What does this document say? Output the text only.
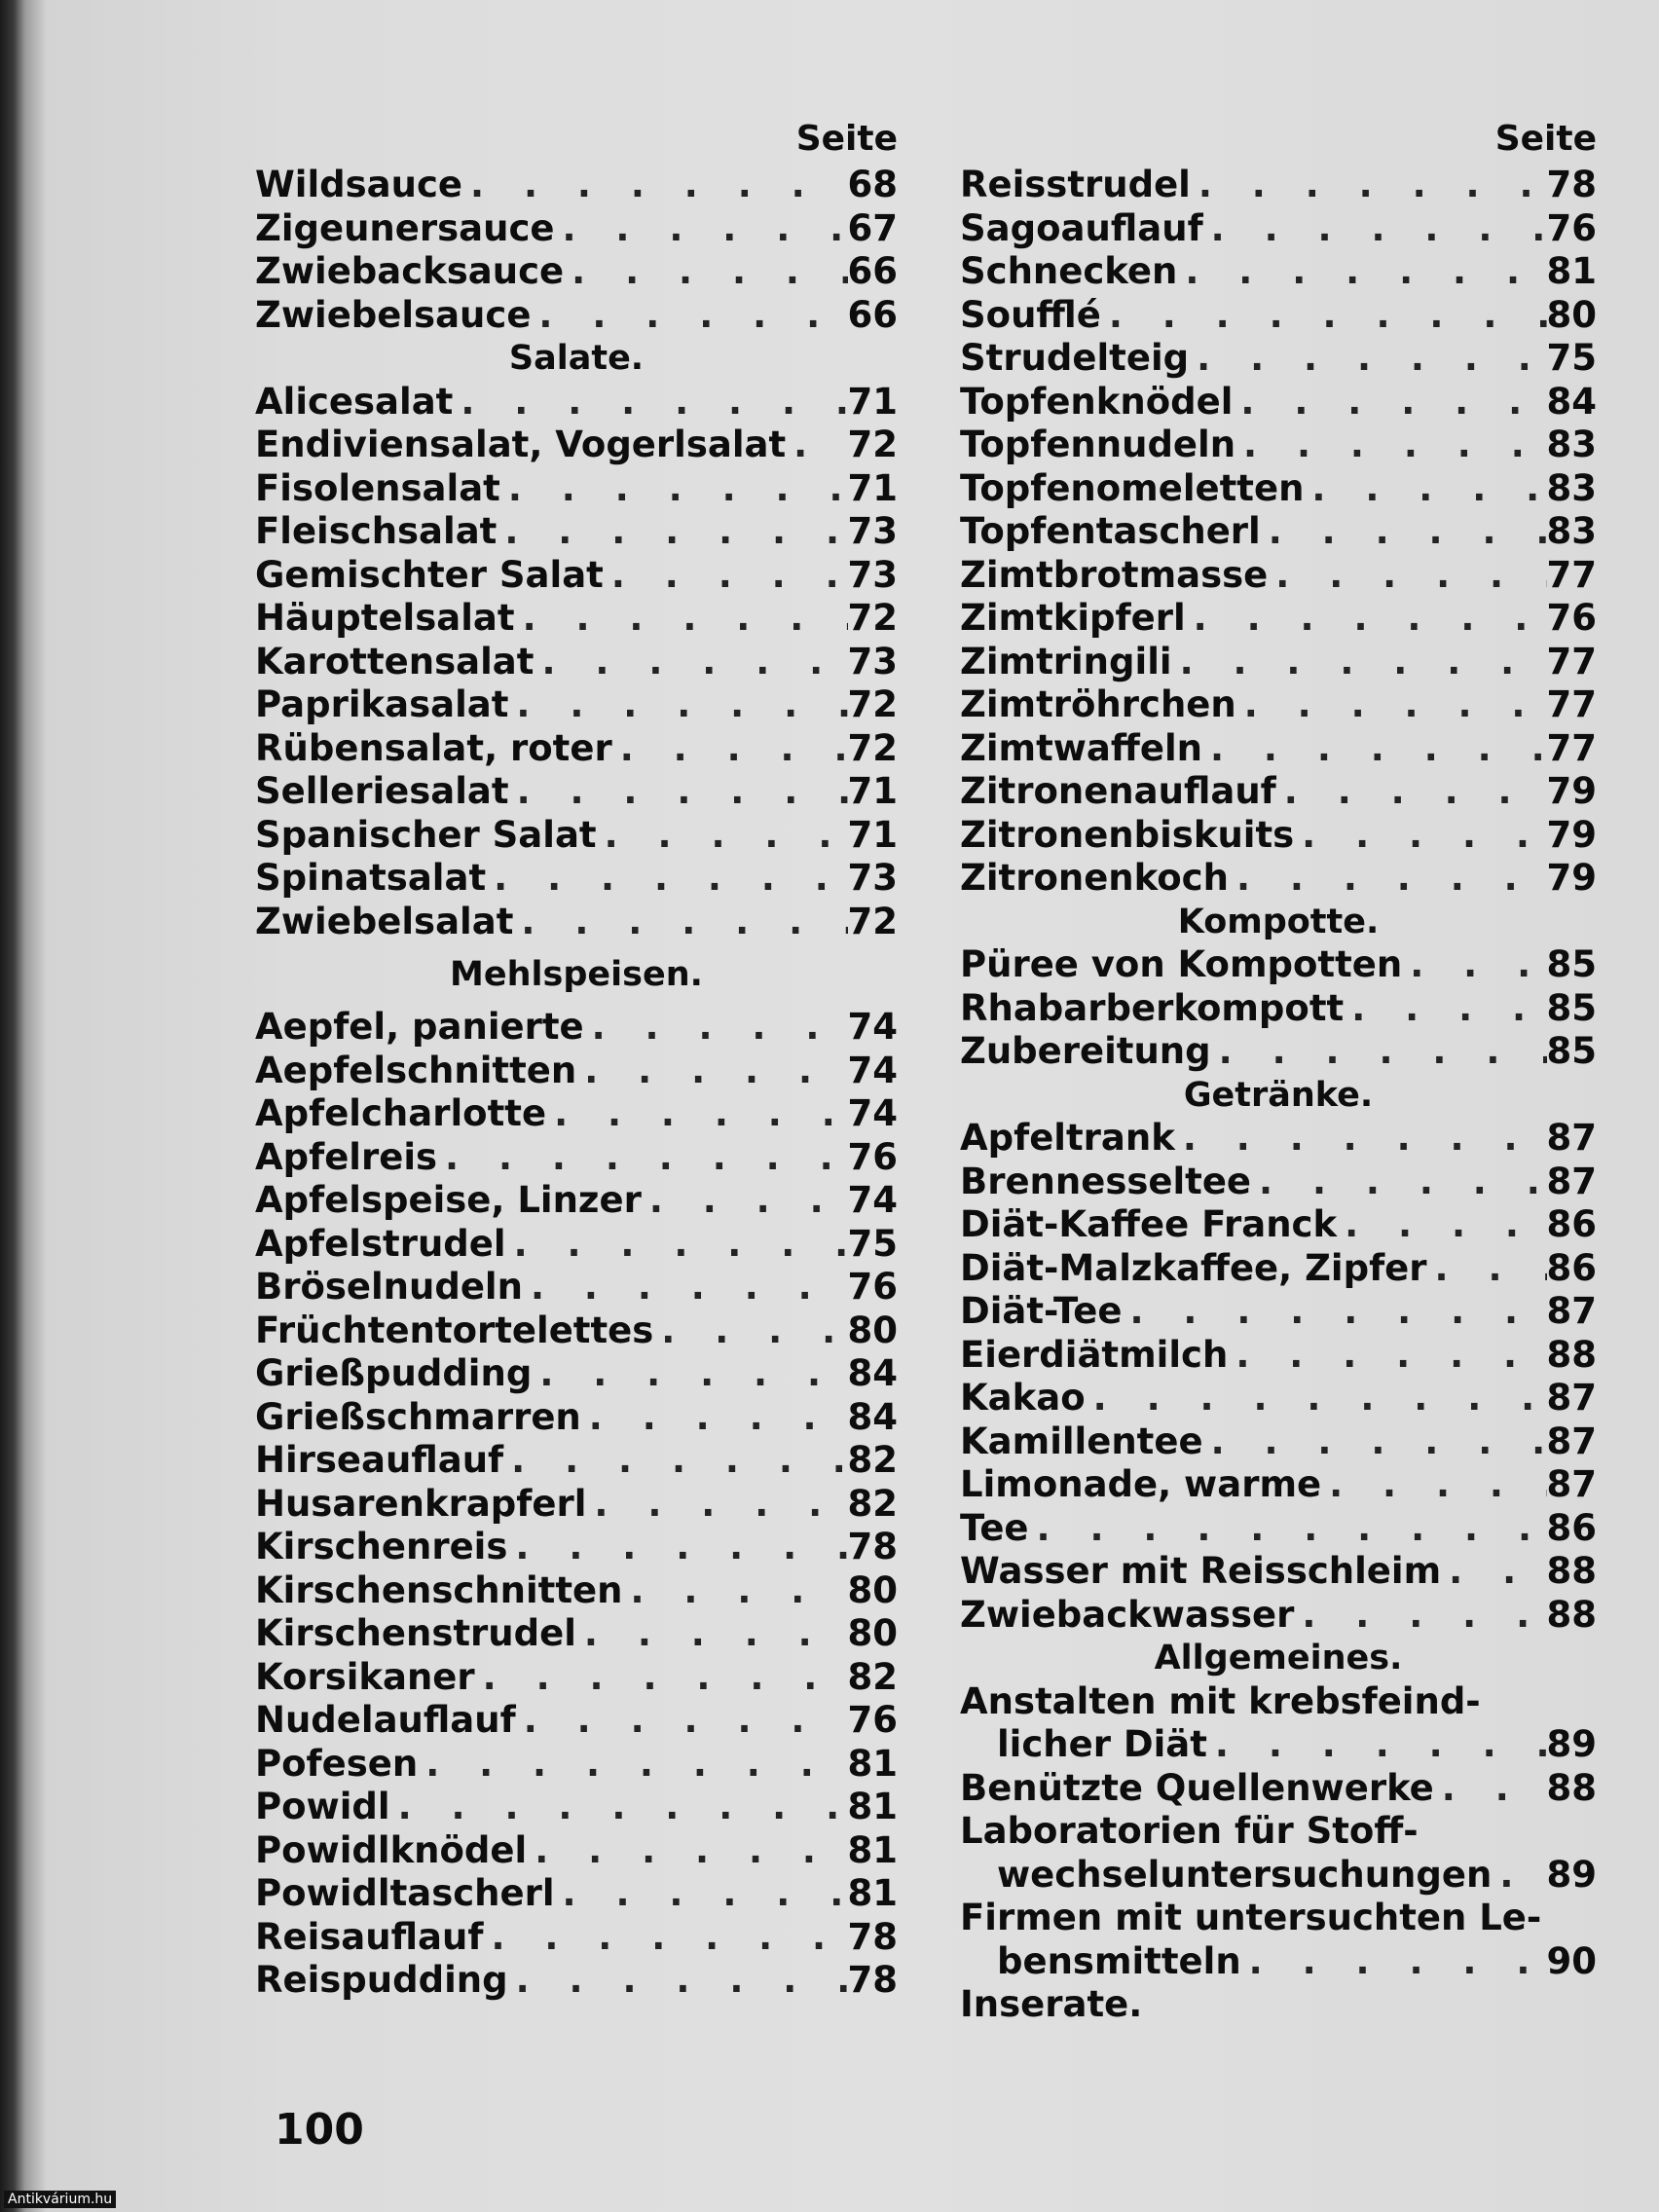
Seite
Wildsauce . . .	68
Zigeunersauce . . .	67
Zwiebacksauce . . .	66
Zwiebelsauce . . .	66
Salate.
Alicesalat . . .	71
Endiviensalat, Vogerlsalat . . . 72
Fisolensalat . . .	71
Fleischsalat . . .	73
Gemischter Salat . . .	73
Häuptelsalat . . .	72
Karottensalat . . .	73
Paprikasalat . . .	72
Rübensalat, roter . . .	72
Selleriesalat . . .	71
Spanischer Salat . . .	71
Spinatsalat . . .	73
Zwiebelsalat . . .	72
Mehlspeisen.
Aepfel, panierte . . .	74
Aepfelschnitten . . .	74
Apfelcharlotte . . .	74
Apfelreis . . .	76
Apfelspeise, Linzer . . .	74
Apfelstrudel . . .	75
Bröselnudeln . . .	76
Früchtentortelettes . . .	80
Grießpudding . . .	84
Grießschmarren . . .	84
Hirseauflauf . . .	82
Husarenkrapferl . . .	82
Kirschenreis . . .	78
Kirschenschnitten . . .	80
Kirschenstrudel . . .	80
Korsikaner . . .	82
Nudelauflauf . . .	76
Pofesen . . .	81
Powidl . . .	81
Powidlknödel . . .	81
Powidltascherl . . .	81
Reisauflauf . . .	78
Reispudding . . .	78
Seite
Reisstrudel . . .	78
Sagoauflauf . . .	76
Schnecken . . .	81
Soufflé . . .	80
Strudelteig . . .	75
Topfenknödel . . .	84
Topfennudeln . . .	83
Topfenomeletten . . .	83
Topfentascherl . . .	83
Zimtbrotmasse . . .	77
Zimtkipferl . . .	76
Zimtringili . . .	77
Zimtröhrchen . . .	77
Zimtwaffeln . . .	77
Zitronenauflauf . . .	79
Zitronenbiskuits . . .	79
Zitronenkoch . . .	79
Kompotte.
Püree von Kompotten . . .	85
Rhabarberkompott . . .	85
Zubereitung . . .	85
Getränke.
Apfeltrank . . .	87
Brennesseltee . . .	87
Diät-Kaffee Franck . . .	86
Diät-Malzkaffee, Zipfer . . .	86
Diät-Tee . . .	87
Eierdiätmilch . . .	88
Kakao . . .	87
Kamillentee . . .	87
Limonade, warme . . .	87
Tee . . .	86
Wasser mit Reisschleim . . .	88
Zwiebackwasser . . .	88
Allgemeines.
Anstalten mit krebsfeind-
licher Diät . . .	89
Benützte Quellenwerke . . .	88
Laboratorien für Stoff-
wechseluntersuchungen . . . 89
Firmen mit untersuchten Le-
bensmitteln . . .	90
Inserate.
100
Antikvárium.hu
